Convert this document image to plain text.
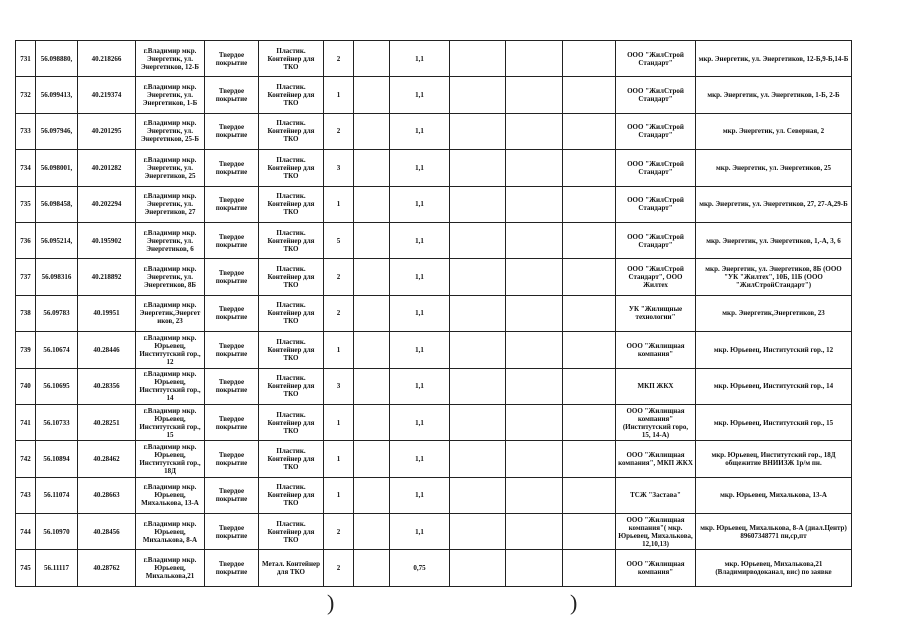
731	56.098880,	40.218266	г.Владимир мкр. Энергетик, ул. Энергетиков, 12-Б	Твердое покрытие	Пластик. Контейнер для ТКО	2		1,1				ООО "ЖилСтрой Стандарт"	мкр. Энергетик, ул. Энергетиков, 12-Б,9-Б,14-Б
732	56.099413,	40.219374	г.Владимир мкр. Энергетик, ул. Энергетиков, 1-Б	Твердое покрытие	Пластик. Контейнер для ТКО	1		1,1				ООО "ЖилСтрой Стандарт"	мкр. Энергетик, ул. Энергетиков, 1-Б, 2-Б
733	56.097946,	40.201295	г.Владимир мкр. Энергетик, ул. Энергетиков, 25-Б	Твердое покрытие	Пластик. Контейнер для ТКО	2		1,1				ООО "ЖилСтрой Стандарт"	мкр. Энергетик, ул. Северная, 2
734	56.098001,	40.201282	г.Владимир мкр. Энергетик, ул. Энергетиков, 25	Твердое покрытие	Пластик. Контейнер для ТКО	3		1,1				ООО "ЖилСтрой Стандарт"	мкр. Энергетик, ул. Энергетиков, 25
735	56.098458,	40.202294	г.Владимир мкр. Энергетик, ул. Энергетиков, 27	Твердое покрытие	Пластик. Контейнер для ТКО	1		1,1				ООО "ЖилСтрой Стандарт"	мкр. Энергетик, ул. Энергетиков, 27, 27-А,29-Б
736	56.095214,	40.195902	г.Владимир мкр. Энергетик, ул. Энергетиков, 6	Твердое покрытие	Пластик. Контейнер для ТКО	5		1,1				ООО "ЖилСтрой Стандарт"	мкр. Энергетик, ул. Энергетиков, 1,-А, 3, 6
737	56.098316	40.218892	г.Владимир мкр. Энергетик, ул. Энергетиков, 8Б	Твердое покрытие	Пластик. Контейнер для ТКО	2		1,1				ООО "ЖилСтрой Стандарт", ООО Жилтех	мкр. Энергетик, ул. Энергетиков, 8Б (ООО "УК "Жилтех", 10Б, 11Б (ООО "ЖилСтройСтандарт")
738	56.09783	40.19951	г.Владимир мкр. Энергетик,Энергетиков, 23	Твердое покрытие	Пластик. Контейнер для ТКО	2		1,1				УК "Жилищные технологии"	мкр. Энергетик,Энергетиков, 23
739	56.10674	40.28446	г.Владимир мкр. Юрьевец, Институтский гор., 12	Твердое покрытие	Пластик. Контейнер для ТКО	1		1,1				ООО "Жилищная компания"	мкр. Юрьевец, Институтский гор., 12
740	56.10695	40.28356	г.Владимир мкр. Юрьевец, Институтский гор., 14	Твердое покрытие	Пластик. Контейнер для ТКО	3		1,1				МКП ЖКХ	мкр. Юрьевец, Институтский гор., 14
741	56.10733	40.28251	г.Владимир мкр. Юрьевец, Институтский гор., 15	Твердое покрытие	Пластик. Контейнер для ТКО	1		1,1				ООО "Жилищная компания"(Институтский горо, 15, 14-А)	мкр. Юрьевец, Институтский гор., 15
742	56.10894	40.28462	г.Владимир мкр. Юрьевец, Институтский гор., 18Д	Твердое покрытие	Пластик. Контейнер для ТКО	1		1,1				ООО "Жилищная компания", МКП ЖКХ	мкр. Юрьевец, Институтский гор., 18Д общежитие ВНИИЗЖ 1р/м пн.
743	56.11074	40.28663	г.Владимир мкр. Юрьевец, Михалькова, 13-А	Твердое покрытие	Пластик. Контейнер для ТКО	1		1,1				ТСЖ "Застава"	мкр. Юрьевец, Михалькова, 13-А
744	56.10970	40.28456	г.Владимир мкр. Юрьевец, Михалькова, 8-А	Твердое покрытие	Пластик. Контейнер для ТКО	2		1,1				ООО "Жилищная компания"( мкр. Юрьевец, Михалькова, 12,10,13)	мкр. Юрьевец, Михалькова, 8-А (диал.Центр) 89607348771 пн,ср,пт
745	56.11117	40.28762	г.Владимир мкр. Юрьевец, Михалькова,21	Твердое покрытие	Метал. Контейнер для ТКО	2		0,75				ООО "Жилищная компания"	мкр. Юрьевец, Михалькова,21 (Владимирводоканал, вис) по заявке
)	)
